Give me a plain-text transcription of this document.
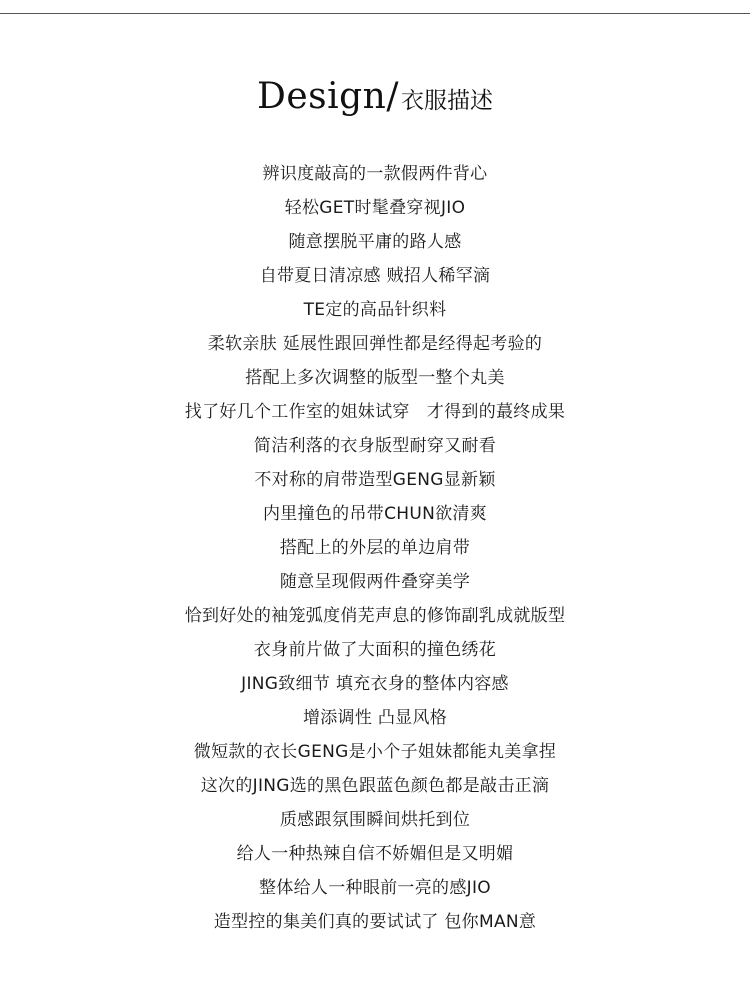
Design/衣服描述
辨识度敲高的一款假两件背心
轻松GET时髦叠穿视JIO
随意摆脱平庸的路人感
自带夏日清凉感 贼招人稀罕滴
TE定的高品针织料
柔软亲肤 延展性跟回弹性都是经得起考验的
搭配上多次调整的版型一整个丸美
找了好几个工作室的姐妹试穿   才得到的蕞终成果
简洁利落的衣身版型耐穿又耐看
不对称的肩带造型GENG显新颖
内里撞色的吊带CHUN欲清爽
搭配上的外层的单边肩带
随意呈现假两件叠穿美学
恰到好处的袖笼弧度俏芜声息的修饰副乳成就版型
衣身前片做了大面积的撞色绣花
JING致细节 填充衣身的整体内容感
增添调性 凸显风格
微短款的衣长GENG是小个子姐妹都能丸美拿捏
这次的JING选的黑色跟蓝色颜色都是敲击正滴
质感跟氛围瞬间烘托到位
给人一种热辣自信不娇媚但是又明媚
整体给人一种眼前一亮的感JIO
造型控的集美们真的要试试了 包你MAN意
